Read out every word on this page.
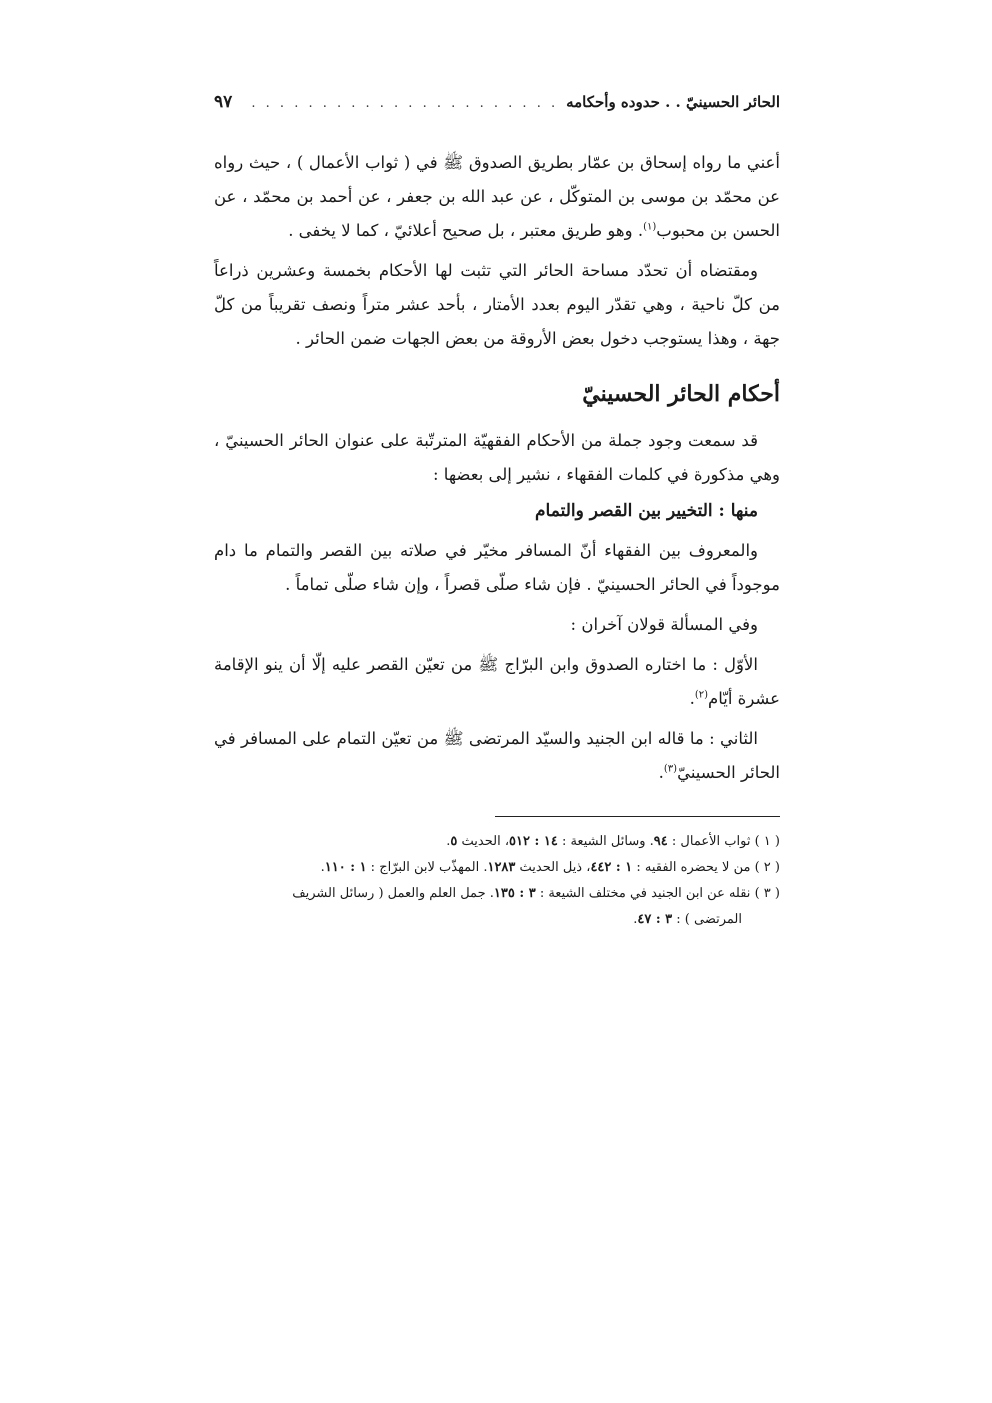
الحائر الحسينيّ . . حدوده وأحكامه
. . .
٩٧

أعني ما رواه إسحاق بن عمّار بطريق الصدوق ﷺ في ( ثواب الأعمال ) ، حيث رواه عن محمّد بن موسى بن المتوكّل ، عن عبد الله بن جعفر ، عن أحمد بن محمّد ، عن الحسن بن محبوب$^{(١)}$. وهو طريق معتبر ، بل صحيح أعلائيّ ، كما لا يخفى .

ومقتضاه أن تحدّد مساحة الحائر التي تثبت لها الأحكام بخمسة وعشرين ذراعاً من كلّ ناحية ، وهي تقدّر اليوم بعدد الأمتار ، بأحد عشر متراً ونصف تقريباً من كلّ جهة ، وهذا يستوجب دخول بعض الأروقة من بعض الجهات ضمن الحائر .

أحكام الحائر الحسينيّ

قد سمعت وجود جملة من الأحكام الفقهيّة المترتّبة على عنوان الحائر الحسينيّ ، وهي مذكورة في كلمات الفقهاء ، نشير إلى بعضها :

منها : التخيير بين القصر والتمام

والمعروف بين الفقهاء أنّ المسافر مخيّر في صلاته بين القصر والتمام ما دام موجوداً في الحائر الحسينيّ . فإن شاء صلّى قصراً ، وإن شاء صلّى تماماً .

وفي المسألة قولان آخران :

الأوّل : ما اختاره الصدوق وابن البرّاج ﷺ من تعيّن القصر عليه إلّا أن ينو الإقامة عشرة أيّام$^{(٢)}$.

الثاني : ما قاله ابن الجنيد والسيّد المرتضى ﷺ من تعيّن التمام على المسافر في الحائر الحسينيّ$^{(٣)}$.

( ١ ) ثواب الأعمال : ٩٤. وسائل الشيعة : ١٤ : ٥١٢، الحديث ٥.

( ٢ ) من لا يحضره الفقيه : ١ : ٤٤٢، ذيل الحديث ١٢٨٣. المهذّب لابن البرّاج : ١ : ١١٠.

( ٣ ) نقله عن ابن الجنيد في مختلف الشيعة : ٣ : ١٣٥. جمل العلم والعمل ( رسائل الشريف

المرتضى ) : ٣ : ٤٧.
